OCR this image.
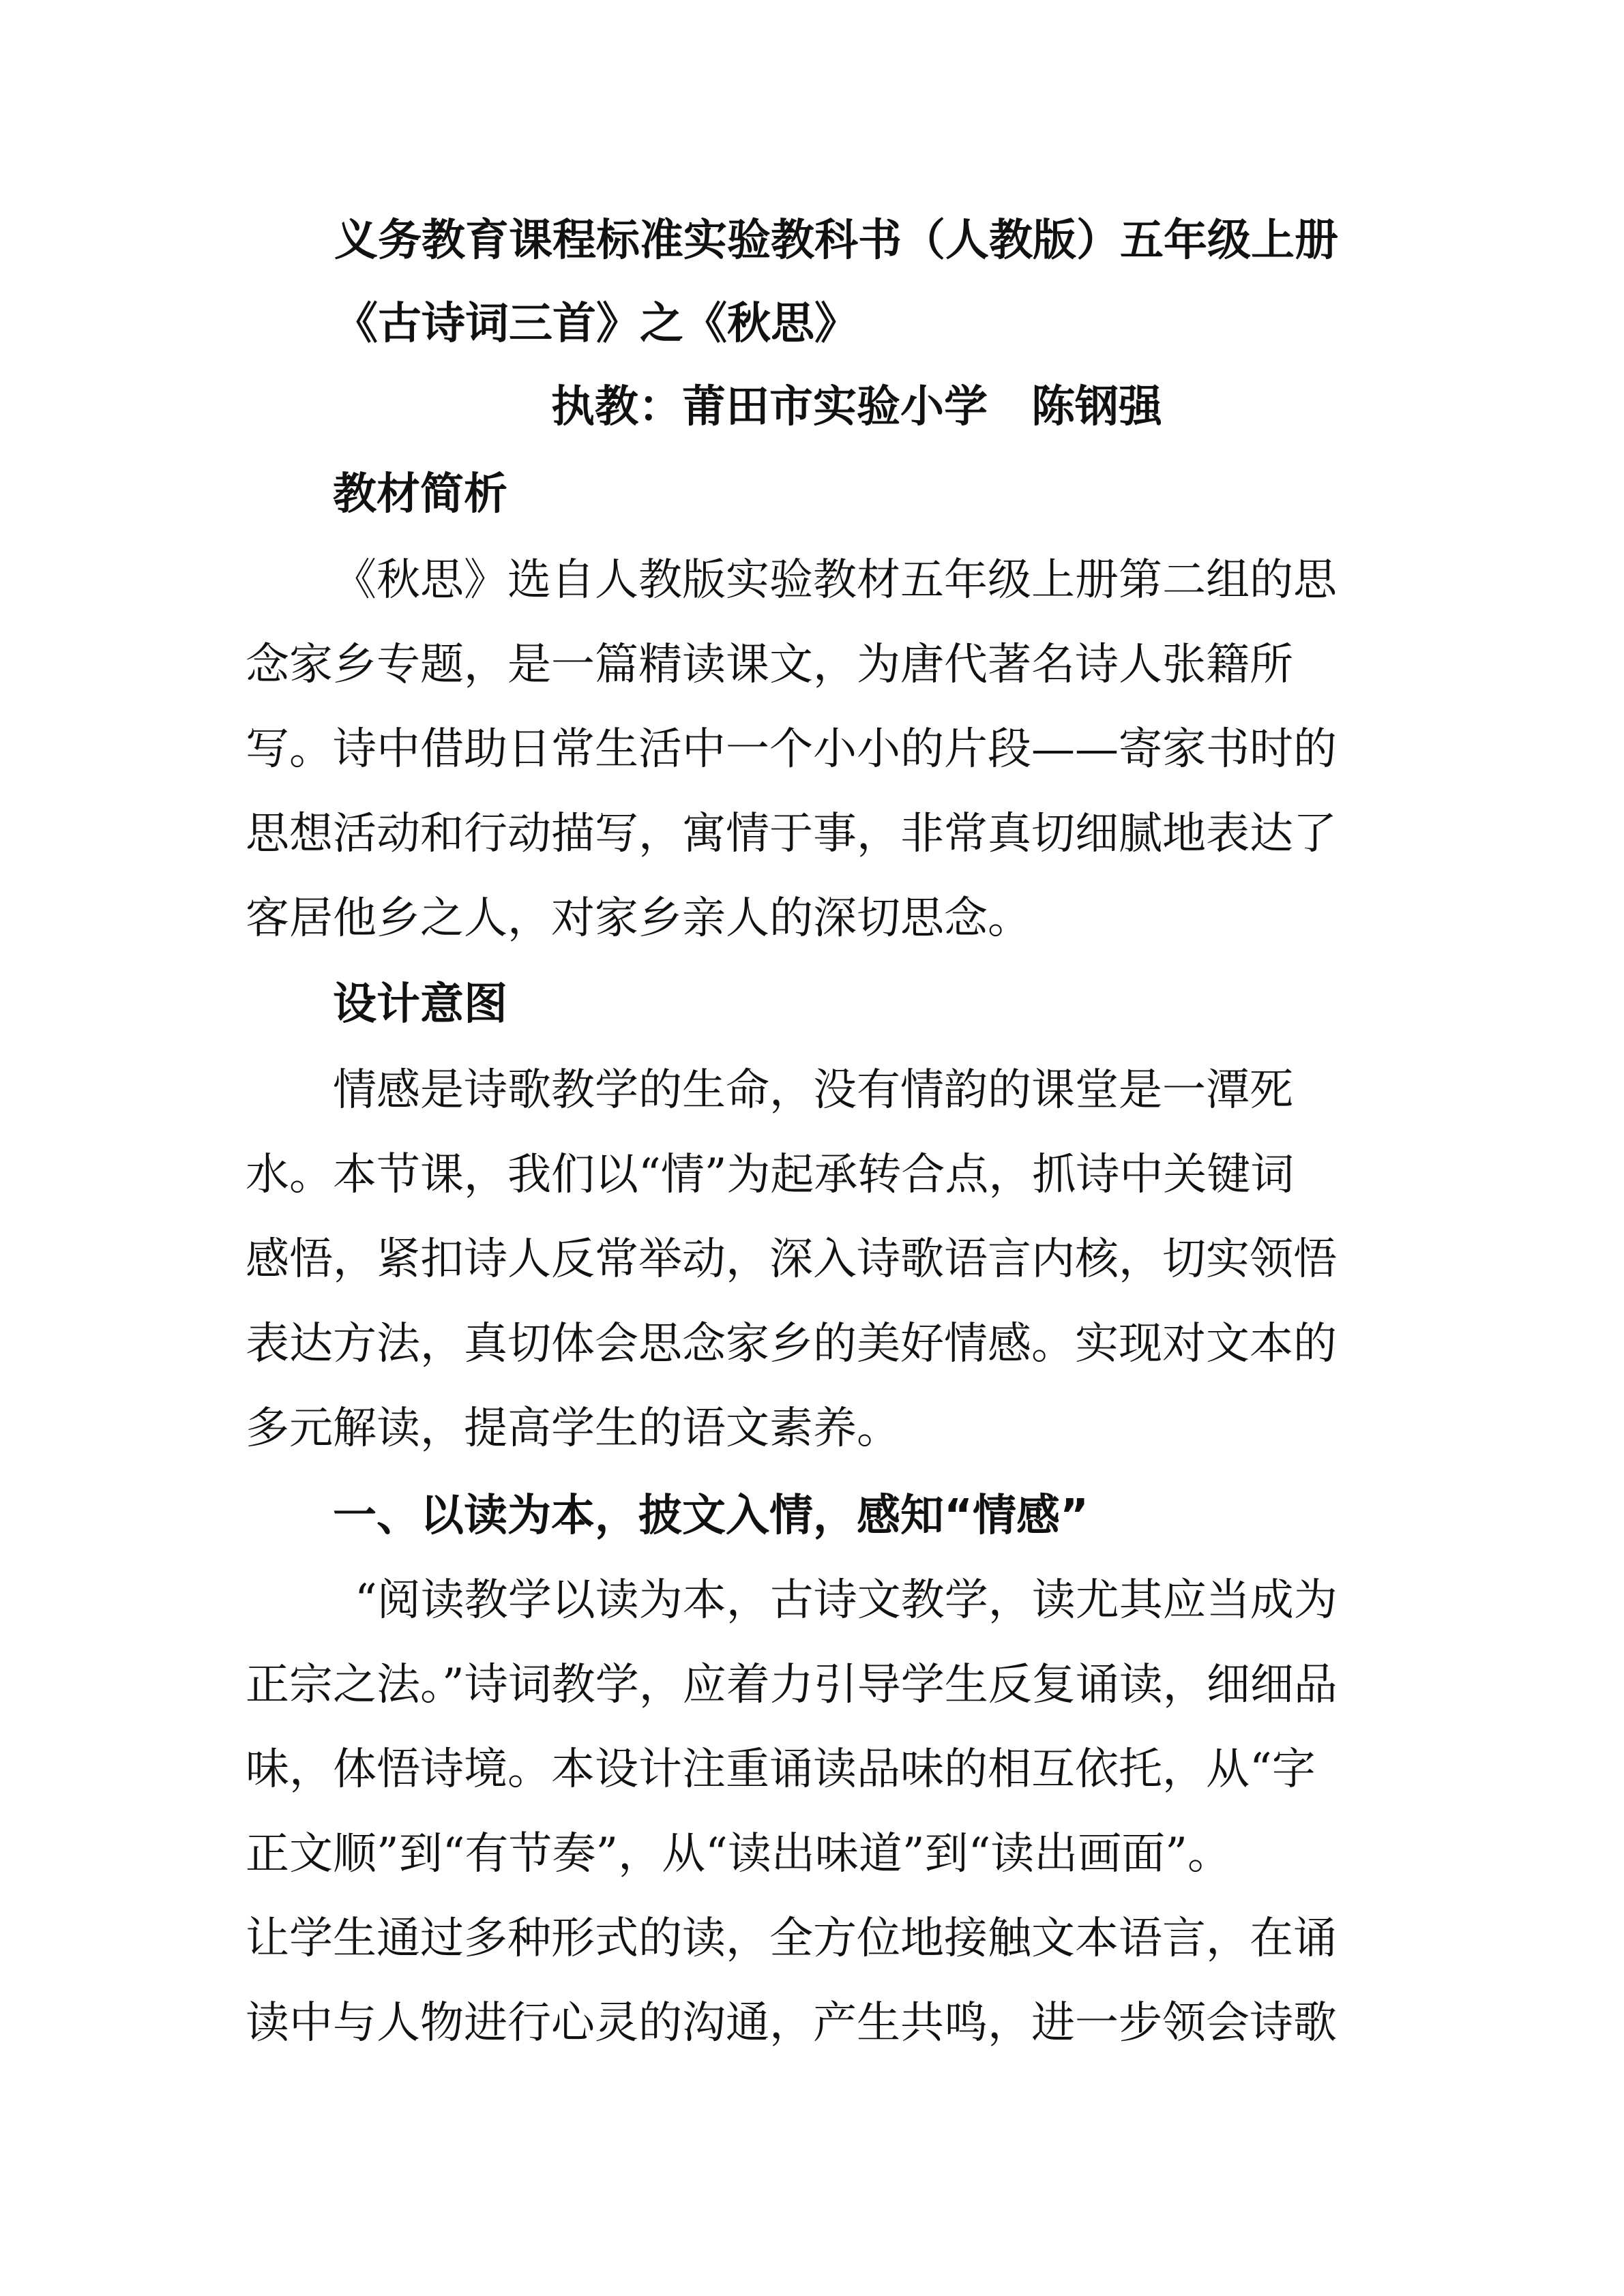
义务教育课程标准实验教科书（人教版）五年级上册

《古诗词三首》之《秋思》

执教：莆田市实验小学　陈钢强

教材简析

《秋思》选自人教版实验教材五年级上册第二组的思

念家乡专题，是一篇精读课文，为唐代著名诗人张籍所

写。诗中借助日常生活中一个小小的片段——寄家书时的

思想活动和行动描写，寓情于事，非常真切细腻地表达了

客居他乡之人，对家乡亲人的深切思念。

设计意图

情感是诗歌教学的生命，没有情韵的课堂是一潭死

水。本节课，我们以“情”为起承转合点，抓诗中关键词

感悟，紧扣诗人反常举动，深入诗歌语言内核，切实领悟

表达方法，真切体会思念家乡的美好情感。实现对文本的

多元解读，提高学生的语文素养。

一、以读为本，披文入情，感知“情感”

“阅读教学以读为本，古诗文教学，读尤其应当成为

正宗之法。”诗词教学，应着力引导学生反复诵读，细细品

味，体悟诗境。本设计注重诵读品味的相互依托，从“字

正文顺”到“有节奏”，从“读出味道”到“读出画面”。

让学生通过多种形式的读，全方位地接触文本语言，在诵

读中与人物进行心灵的沟通，产生共鸣，进一步领会诗歌
